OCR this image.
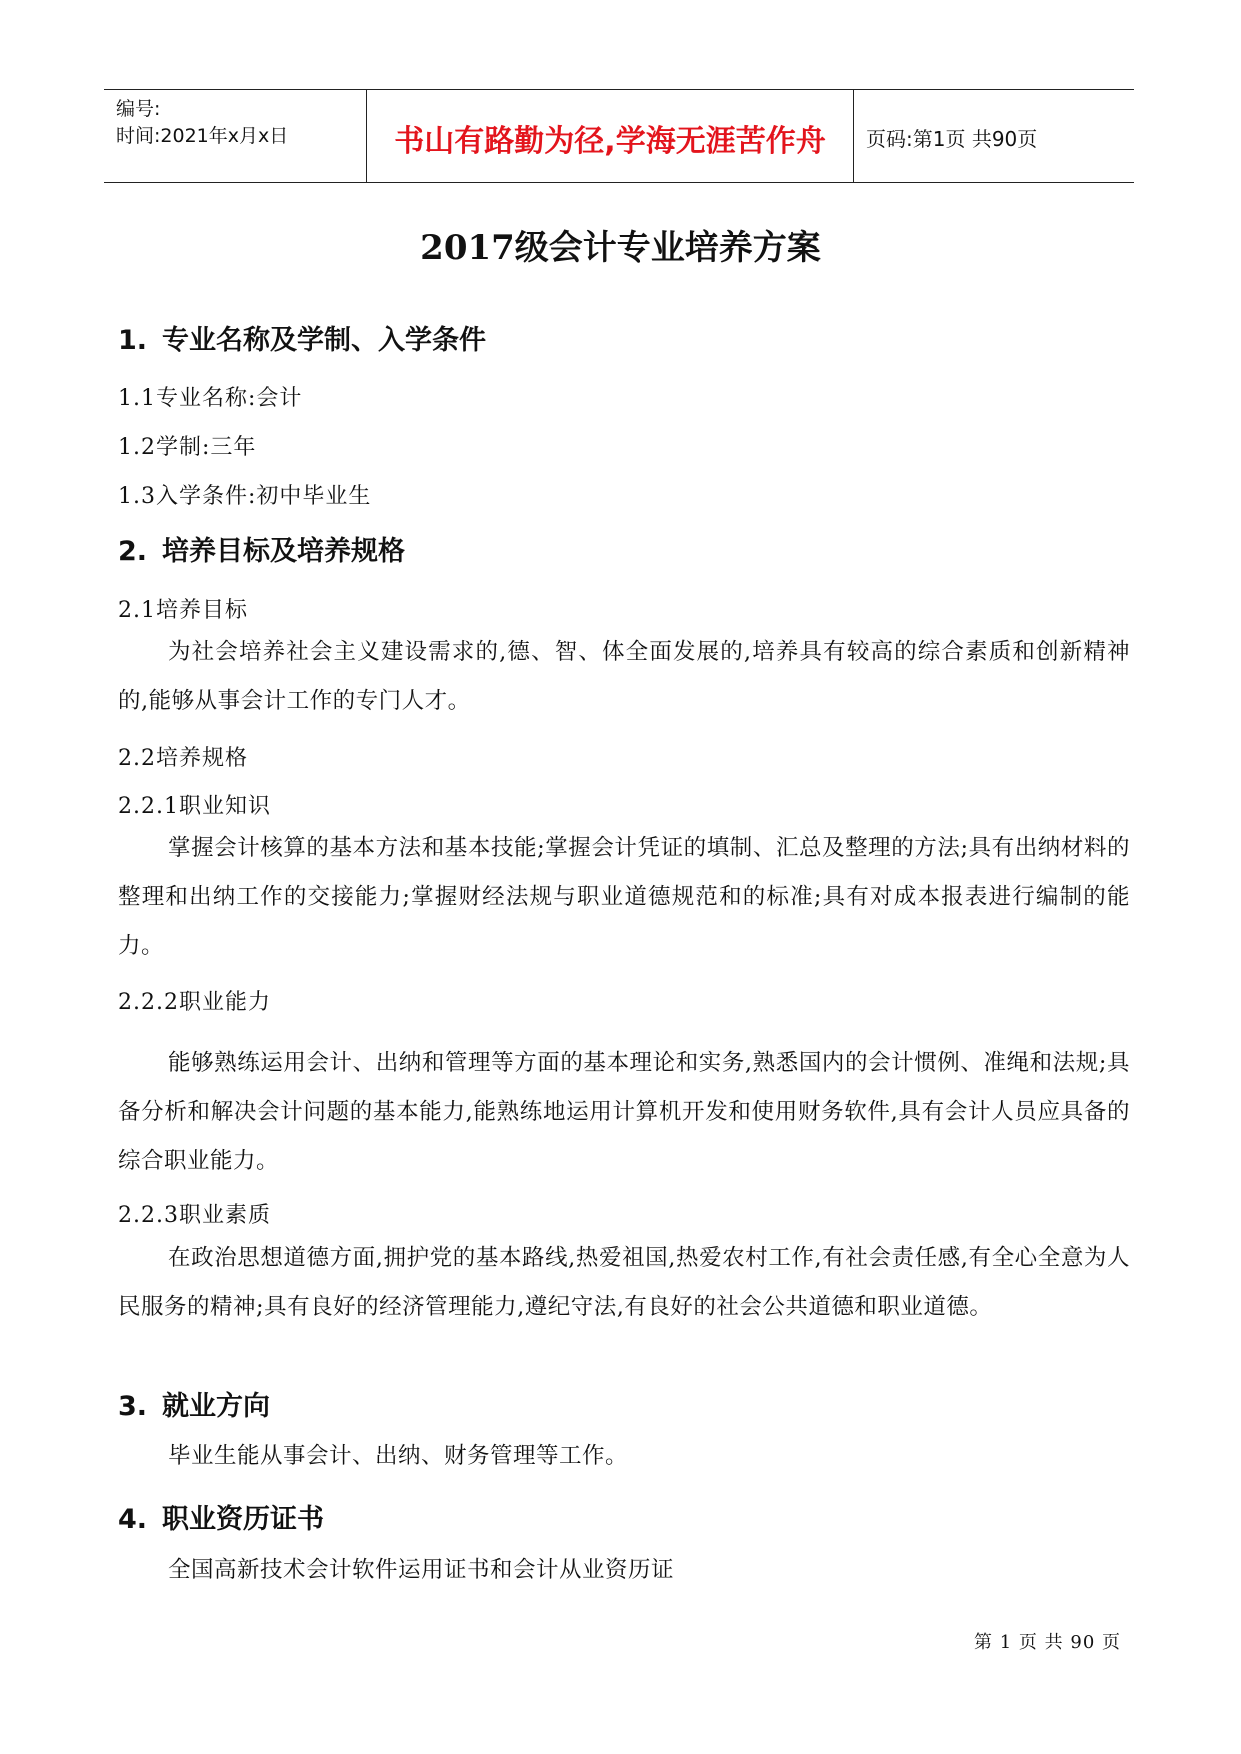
编号:
时间:2021年x月x日	书山有路勤为径,学海无涯苦作舟	页码:第1页 共90页
2017级会计专业培养方案
1. 专业名称及学制、入学条件
1.1专业名称:会计
1.2学制:三年
1.3入学条件:初中毕业生
2. 培养目标及培养规格
2.1培养目标
为社会培养社会主义建设需求的,德、智、体全面发展的,培养具有较高的综合素质和创新精神的,能够从事会计工作的专门人才。
2.2培养规格
2.2.1职业知识
掌握会计核算的基本方法和基本技能;掌握会计凭证的填制、汇总及整理的方法;具有出纳材料的整理和出纳工作的交接能力;掌握财经法规与职业道德规范和的标准;具有对成本报表进行编制的能力。
2.2.2职业能力
能够熟练运用会计、出纳和管理等方面的基本理论和实务,熟悉国内的会计惯例、准绳和法规;具备分析和解决会计问题的基本能力,能熟练地运用计算机开发和使用财务软件,具有会计人员应具备的综合职业能力。
2.2.3职业素质
在政治思想道德方面,拥护党的基本路线,热爱祖国,热爱农村工作,有社会责任感,有全心全意为人民服务的精神;具有良好的经济管理能力,遵纪守法,有良好的社会公共道德和职业道德。
3. 就业方向
毕业生能从事会计、出纳、财务管理等工作。
4. 职业资历证书
全国高新技术会计软件运用证书和会计从业资历证
第 1 页 共 90 页
